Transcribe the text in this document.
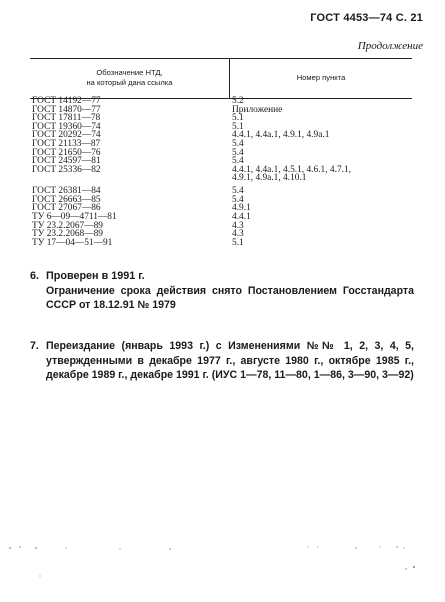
ГОСТ 4453—74 С. 21
Продолжение
Обозначение НТД,
на который дана ссылка
Номер пункта
ГОСТ 14192—77
ГОСТ 14870—77
ГОСТ 17811—78
ГОСТ 19360—74
ГОСТ 20292—74
ГОСТ 21133—87
ГОСТ 21650—76
ГОСТ 24597—81
ГОСТ 25336—82
ГОСТ 26381—84
ГОСТ 26663—85
ГОСТ 27067—86
ТУ 6—09—4711—81
ТУ 23.2.2067—89
ТУ 23.2.2068—89
ТУ 17—04—51—91
5.2
Приложение
5.1
5.1
4.4.1, 4.4а.1, 4.9.1, 4.9а.1
5.4
5.4
5.4
4.4.1, 4.4а.1, 4.5.1, 4.6.1, 4.7.1,
4.9.1, 4.9а.1, 4.10.1
5.4
5.4
4.9.1
4.4.1
4.3
4.3
5.1
6. Проверен в 1991 г.
Ограничение срока действия снято Постановлением Госстандарта СССР от 18.12.91 № 1979
7. Переиздание (январь 1993 г.) с Изменениями №№ 1, 2, 3, 4, 5, утвержденными в декабре 1977 г., августе 1980 г., октябре 1985 г., декабре 1989 г., декабре 1991 г. (ИУС 1—78, 11—80, 1—86, 3—90, 3—92)
